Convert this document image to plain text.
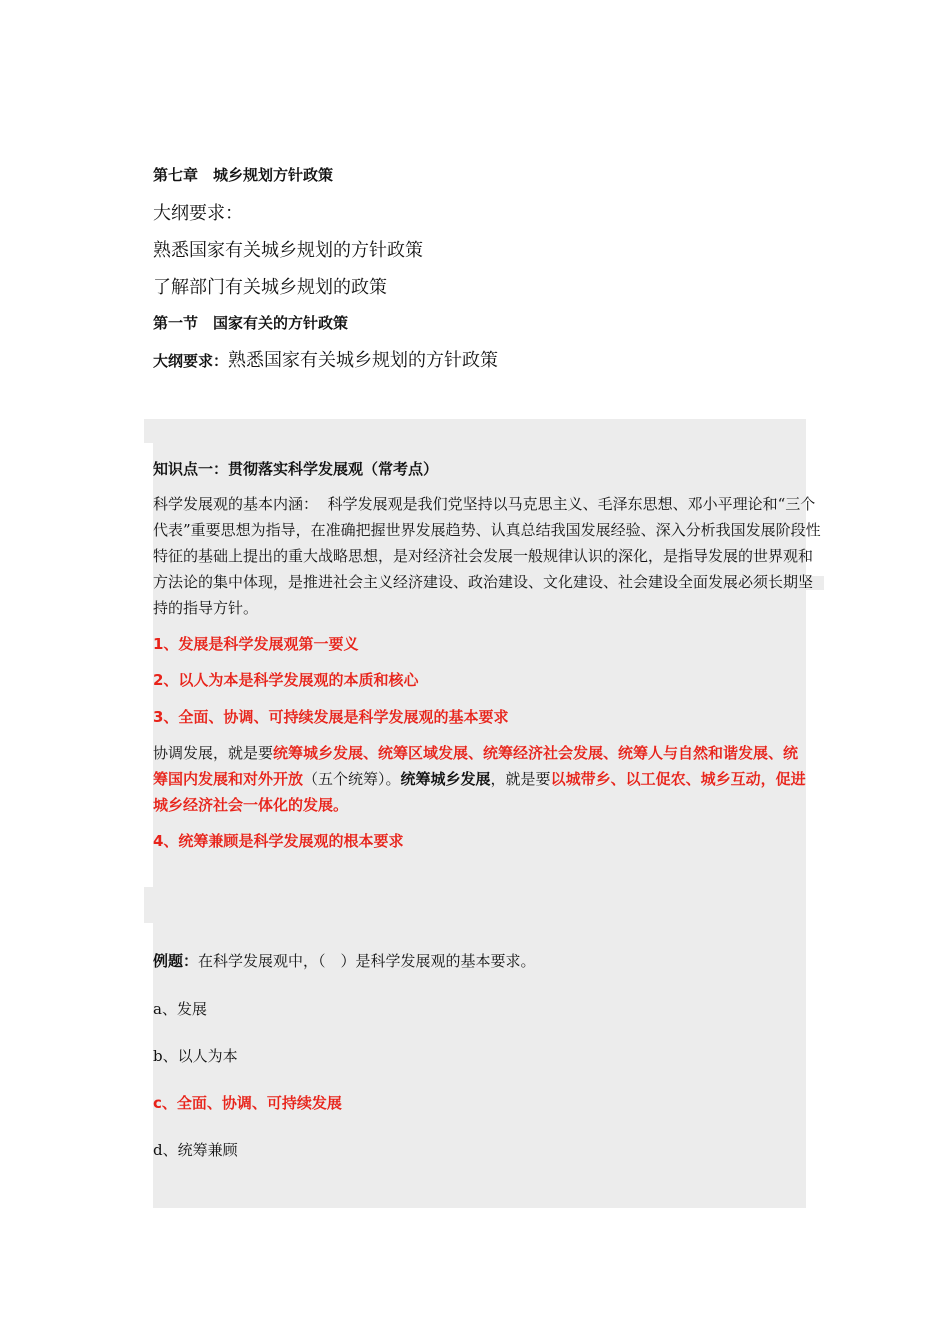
第七章　城乡规划方针政策
大纲要求：
熟悉国家有关城乡规划的方针政策
了解部门有关城乡规划的政策
第一节　国家有关的方针政策
大纲要求：熟悉国家有关城乡规划的方针政策
知识点一：贯彻落实科学发展观（常考点）
科学发展观的基本内涵： 科学发展观是我们党坚持以马克思主义、毛泽东思想、邓小平理论和“三个代表”重要思想为指导，在准确把握世界发展趋势、认真总结我国发展经验、深入分析我国发展阶段性特征的基础上提出的重大战略思想，是对经济社会发展一般规律认识的深化，是指导发展的世界观和方法论的集中体现，是推进社会主义经济建设、政治建设、文化建设、社会建设全面发展必须长期坚持的指导方针。
1、发展是科学发展观第一要义
2、以人为本是科学发展观的本质和核心
3、全面、协调、可持续发展是科学发展观的基本要求
协调发展，就是要统筹城乡发展、统筹区域发展、统筹经济社会发展、统筹人与自然和谐发展、统筹国内发展和对外开放（五个统筹）。统筹城乡发展，就是要以城带乡、以工促农、城乡互动，促进城乡经济社会一体化的发展。
4、统筹兼顾是科学发展观的根本要求
例题：在科学发展观中，（　）是科学发展观的基本要求。
a、发展
b、以人为本
c、全面、协调、可持续发展
d、统筹兼顾
